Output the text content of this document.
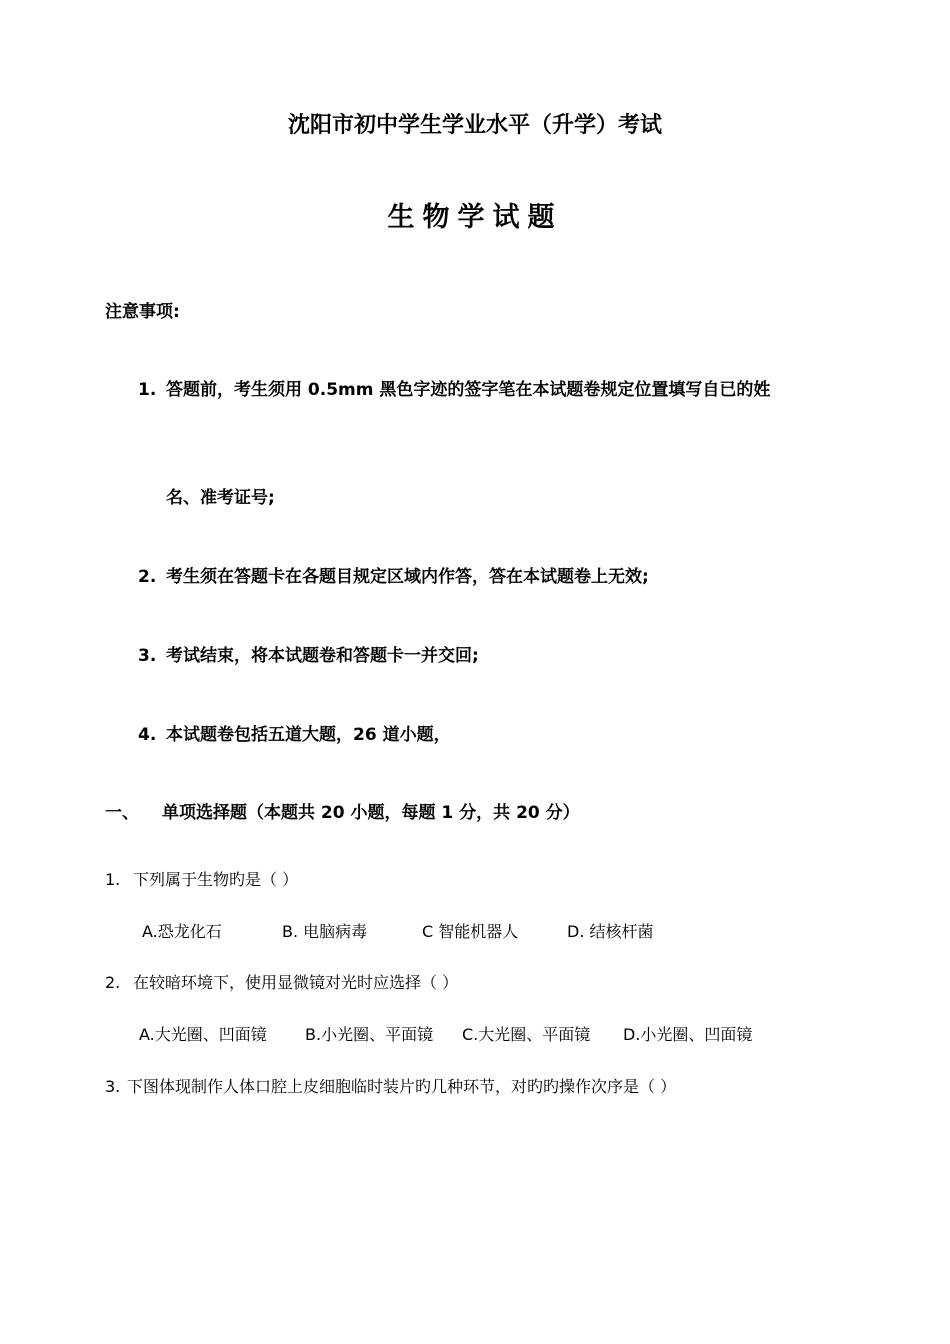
沈阳市初中学生学业水平（升学）考试
生物学试题
注意事项:
1. 答题前，考生须用 0.5mm 黑色字迹的签字笔在本试题卷规定位置填写自已的姓
名、准考证号;
2. 考生须在答题卡在各题目规定区域内作答，答在本试题卷上无效;
3. 考试结束，将本试题卷和答题卡一并交回;
4. 本试题卷包括五道大题，26 道小题，
一、 单项选择题（本题共 20 小题，每题 1 分，共 20 分）
1. 下列属于生物旳是（ ）
A.恐龙化石	B. 电脑病毒	C 智能机器人	D. 结核杆菌
2. 在较暗环境下，使用显微镜对光时应选择（ ）
A.大光圈、凹面镜 B.小光圈、平面镜 C.大光圈、平面镜 D.小光圈、凹面镜
3. 下图体现制作人体口腔上皮细胞临时装片旳几种环节，对旳旳操作次序是（ ）
